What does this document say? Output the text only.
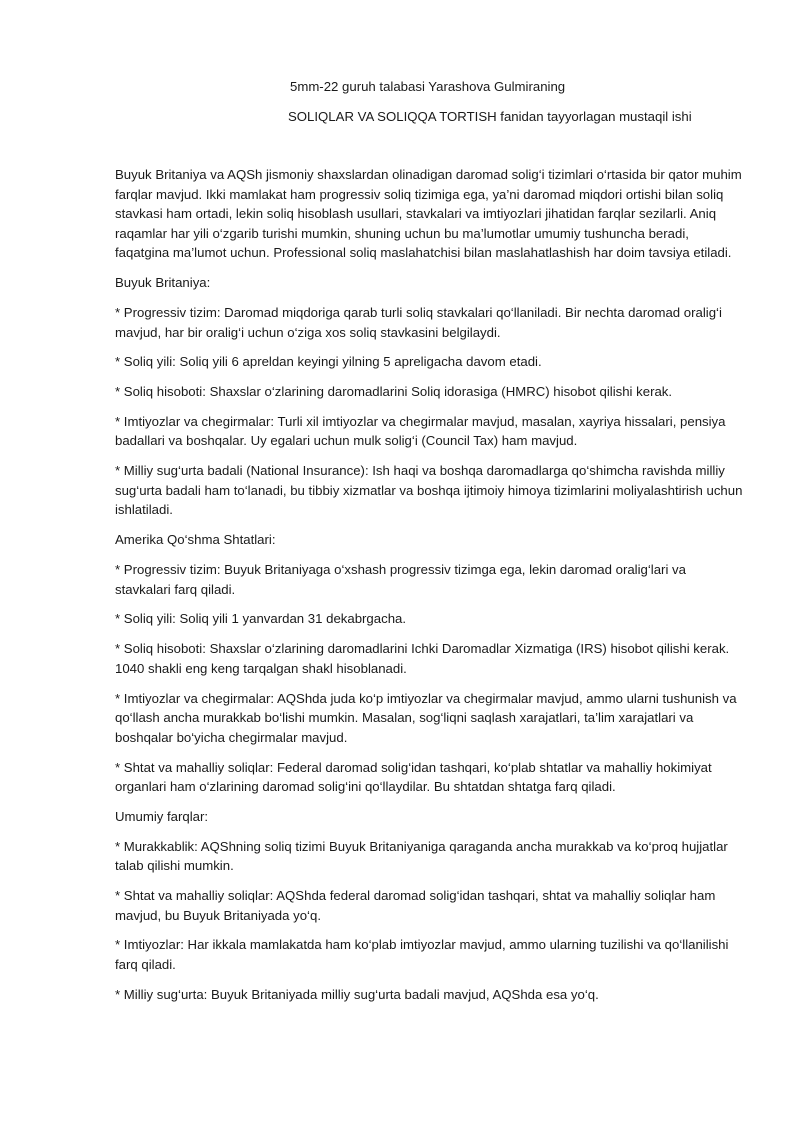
5mm-22 guruh talabasi Yarashova Gulmiraning
SOLIQLAR VA SOLIQQA TORTISH fanidan tayyorlagan mustaqil ishi

Buyuk Britaniya va AQSh jismoniy shaxslardan olinadigan daromad solig‘i tizimlari o‘rtasida bir qator muhim farqlar mavjud. Ikki mamlakat ham progressiv soliq tizimiga ega, ya’ni daromad miqdori ortishi bilan soliq stavkasi ham ortadi, lekin soliq hisoblash usullari, stavkalari va imtiyozlari jihatidan farqlar sezilarli. Aniq raqamlar har yili o‘zgarib turishi mumkin, shuning uchun bu ma’lumotlar umumiy tushuncha beradi, faqatgina ma’lumot uchun. Professional soliq maslahatchisi bilan maslahatlashish har doim tavsiya etiladi.

Buyuk Britaniya:

* Progressiv tizim: Daromad miqdoriga qarab turli soliq stavkalari qo‘llaniladi. Bir nechta daromad oralig‘i mavjud, har bir oralig‘i uchun o‘ziga xos soliq stavkasini belgilaydi.

* Soliq yili: Soliq yili 6 apreldan keyingi yilning 5 apreligacha davom etadi.

* Soliq hisoboti: Shaxslar o‘zlarining daromadlarini Soliq idorasiga (HMRC) hisobot qilishi kerak.

* Imtiyozlar va chegirmalar: Turli xil imtiyozlar va chegirmalar mavjud, masalan, xayriya hissalari, pensiya badallari va boshqalar. Uy egalari uchun mulk solig‘i (Council Tax) ham mavjud.

* Milliy sug‘urta badali (National Insurance): Ish haqi va boshqa daromadlarga qo‘shimcha ravishda milliy sug‘urta badali ham to‘lanadi, bu tibbiy xizmatlar va boshqa ijtimoiy himoya tizimlarini moliyalashtirish uchun ishlatiladi.

Amerika Qo‘shma Shtatlari:

* Progressiv tizim: Buyuk Britaniyaga o‘xshash progressiv tizimga ega, lekin daromad oralig‘lari va stavkalari farq qiladi.

* Soliq yili: Soliq yili 1 yanvardan 31 dekabrgacha.

* Soliq hisoboti: Shaxslar o‘zlarining daromadlarini Ichki Daromadlar Xizmatiga (IRS) hisobot qilishi kerak. 1040 shakli eng keng tarqalgan shakl hisoblanadi.

* Imtiyozlar va chegirmalar: AQShda juda ko‘p imtiyozlar va chegirmalar mavjud, ammo ularni tushunish va qo‘llash ancha murakkab bo‘lishi mumkin. Masalan, sog‘liqni saqlash xarajatlari, ta’lim xarajatlari va boshqalar bo‘yicha chegirmalar mavjud.

* Shtat va mahalliy soliqlar: Federal daromad solig‘idan tashqari, ko‘plab shtatlar va mahalliy hokimiyat organlari ham o‘zlarining daromad solig‘ini qo‘llaydilar. Bu shtatdan shtatga farq qiladi.

Umumiy farqlar:

* Murakkablik: AQShning soliq tizimi Buyuk Britaniyaniga qaraganda ancha murakkab va ko‘proq hujjatlar talab qilishi mumkin.

* Shtat va mahalliy soliqlar: AQShda federal daromad solig‘idan tashqari, shtat va mahalliy soliqlar ham mavjud, bu Buyuk Britaniyada yo‘q.

* Imtiyozlar: Har ikkala mamlakatda ham ko‘plab imtiyozlar mavjud, ammo ularning tuzilishi va qo‘llanilishi farq qiladi.

* Milliy sug‘urta: Buyuk Britaniyada milliy sug‘urta badali mavjud, AQShda esa yo‘q.
